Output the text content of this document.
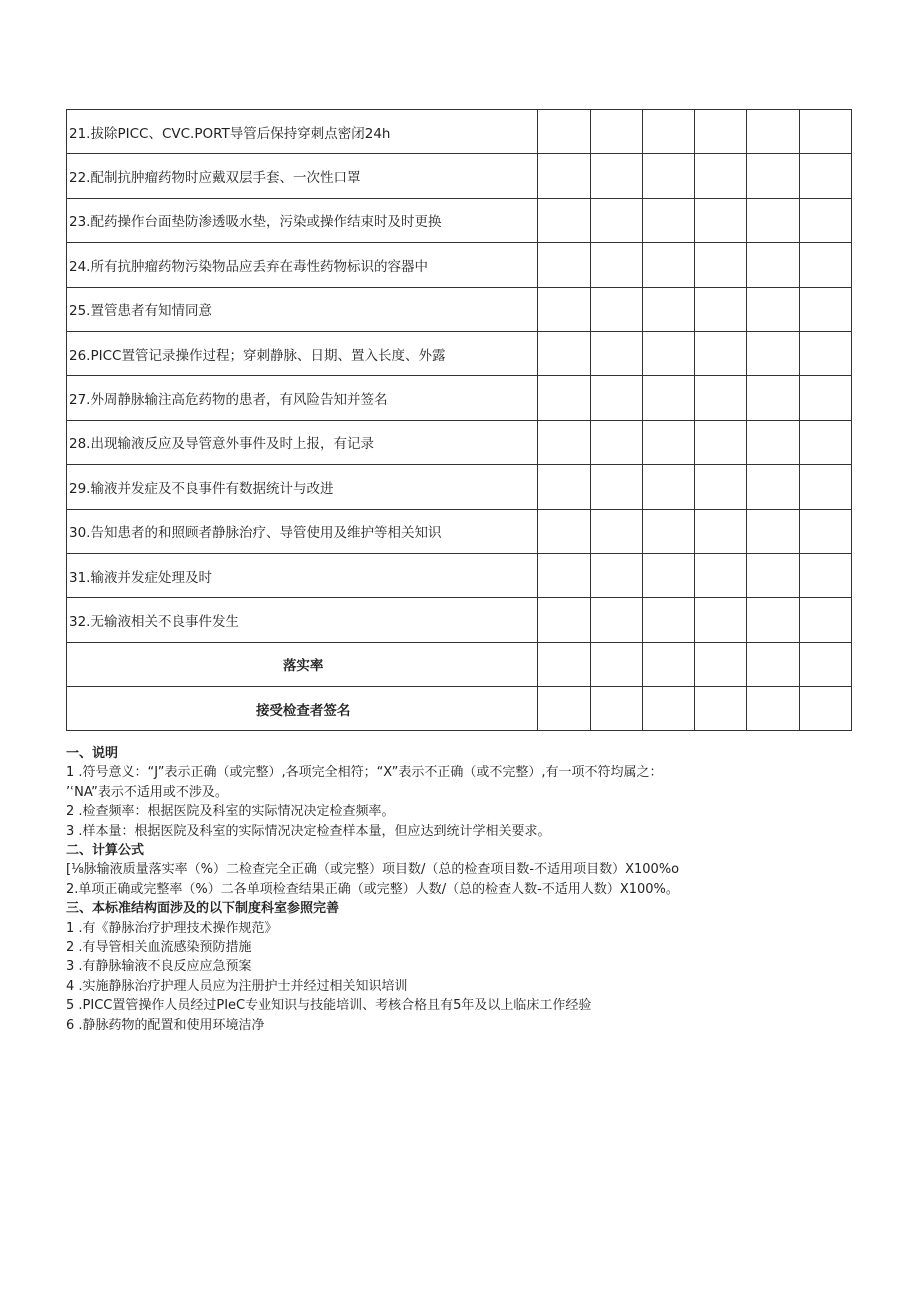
21.拔除PICC、CVC.PORT导管后保持穿刺点密闭24h						
22.配制抗肿瘤药物时应戴双层手套、一次性口罩						
23.配药操作台面垫防渗透吸水垫，污染或操作结束时及时更换						
24.所有抗肿瘤药物污染物品应丢弃在毒性药物标识的容器中						
25.置管患者有知情同意						
26.PICC置管记录操作过程；穿刺静脉、日期、置入长度、外露						
27.外周静脉输注高危药物的患者，有风险告知并签名						
28.出现输液反应及导管意外事件及时上报，有记录						
29.输液并发症及不良事件有数据统计与改进						
30.告知患者的和照顾者静脉治疗、导管使用及维护等相关知识						
31.输液并发症处理及时						
32.无输液相关不良事件发生						
落实率						
接受检查者签名						
一、说明
1 .符号意义：“J”表示正确（或完整）,各项完全相符；“X”表示不正确（或不完整）,有一项不符均属之：
’ʿNA”表示不适用或不涉及。
2 .检查频率：根据医院及科室的实际情况决定检查频率。
3 .样本量：根据医院及科室的实际情况决定检查样本量，但应达到统计学相关要求。
二、计算公式
[⅛脉输液质量落实率（%）二检查完全正确（或完整）项目数/（总的检查项目数-不适用项目数）X100%o
2.单项正确或完整率（%）二各单项检查结果正确（或完整）人数/（总的检查人数-不适用人数）X100%。
三、本标准结构面涉及的以下制度科室参照完善
1 .有《静脉治疗护理技术操作规范》
2 .有导管相关血流感染预防措施
3 .有静脉输液不良反应应急预案
4 .实施静脉治疗护理人员应为注册护士并经过相关知识培训
5 .PICC置管操作人员经过PIeC专业知识与技能培训、考核合格且有5年及以上临床工作经验
6 .静脉药物的配置和使用环境洁净
